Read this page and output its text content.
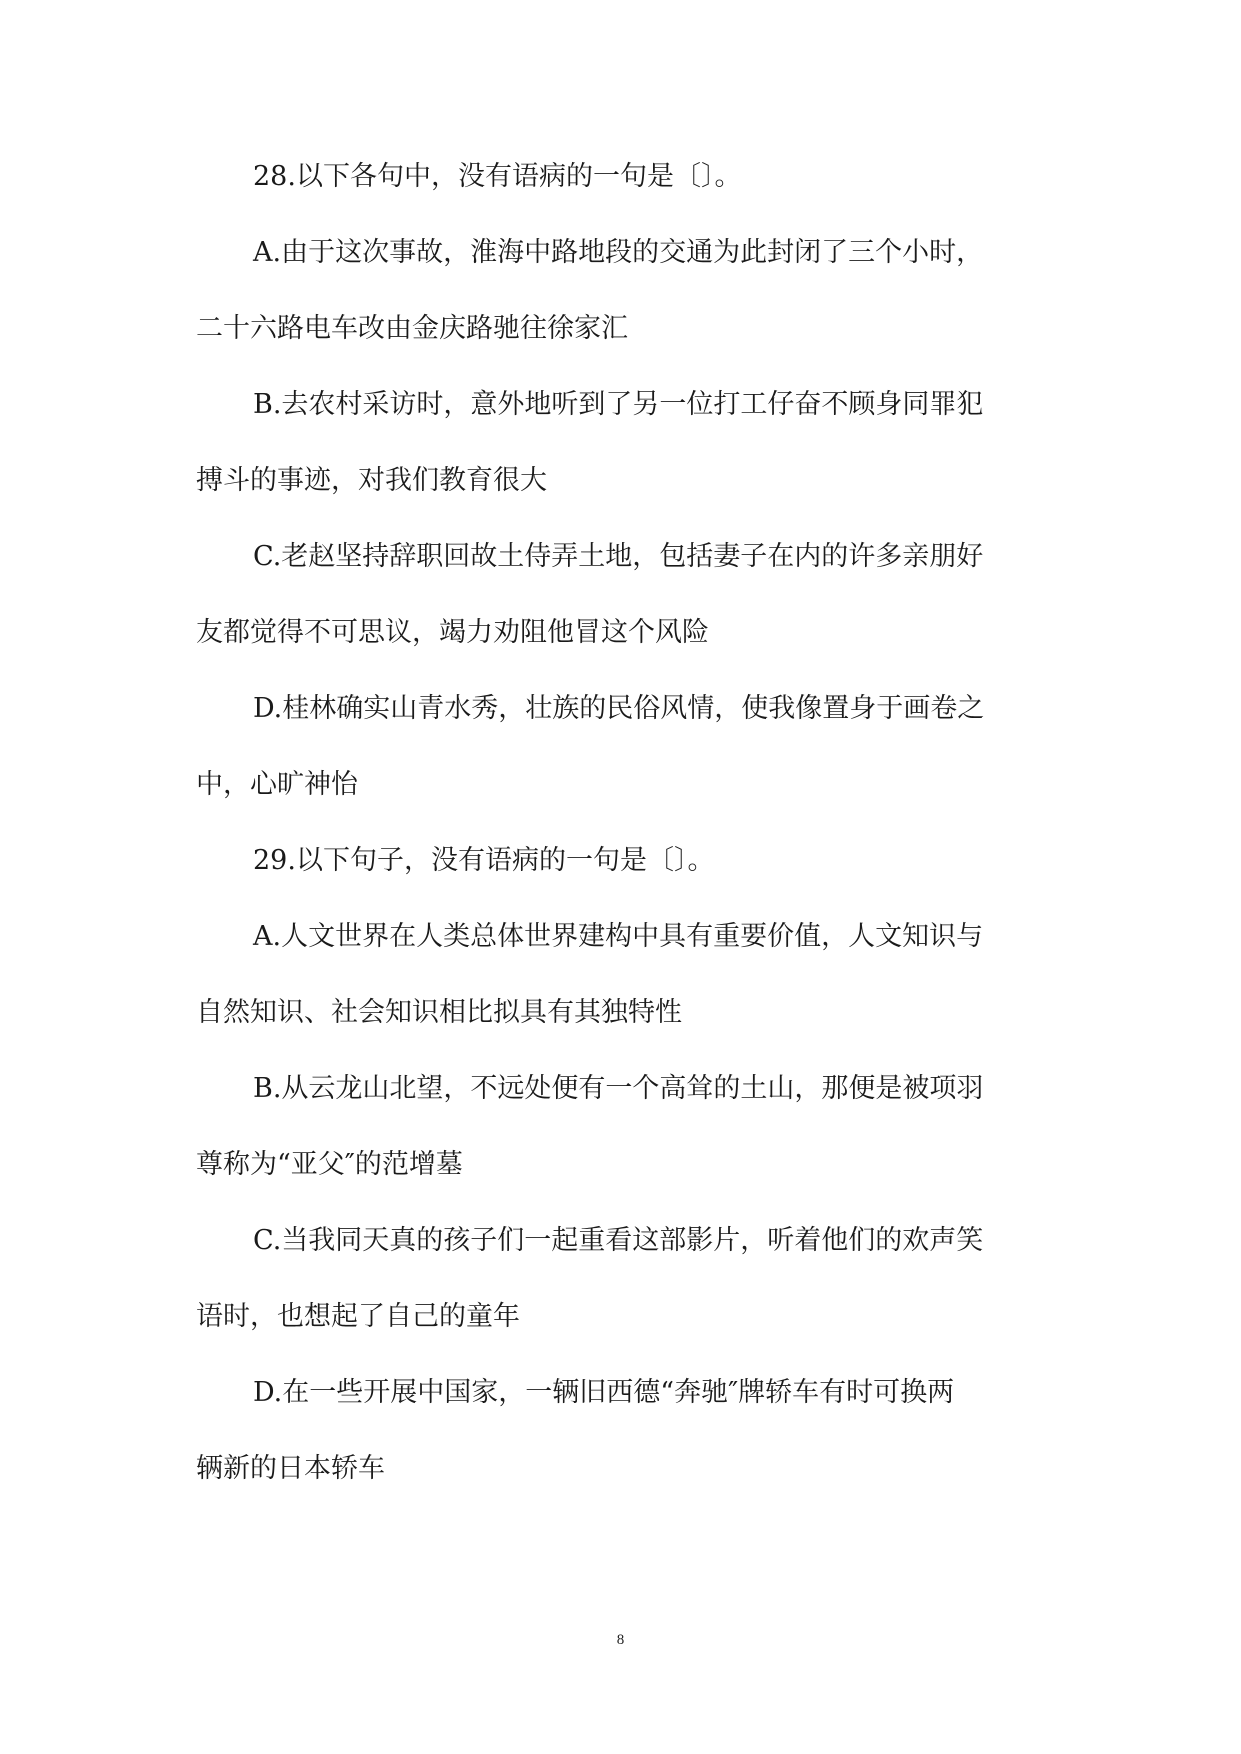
28.以下各句中，没有语病的一句是〔〕。
A.由于这次事故，淮海中路地段的交通为此封闭了三个小时，
二十六路电车改由金庆路驰往徐家汇
B.去农村采访时，意外地听到了另一位打工仔奋不顾身同罪犯
搏斗的事迹，对我们教育很大
C.老赵坚持辞职回故土侍弄土地，包括妻子在内的许多亲朋好
友都觉得不可思议，竭力劝阻他冒这个风险
D.桂林确实山青水秀，壮族的民俗风情，使我像置身于画卷之
中，心旷神怡
29.以下句子，没有语病的一句是〔〕。
A.人文世界在人类总体世界建构中具有重要价值，人文知识与
自然知识、社会知识相比拟具有其独特性
B.从云龙山北望，不远处便有一个高耸的土山，那便是被项羽
尊称为“亚父″的范增墓
C.当我同天真的孩子们一起重看这部影片，听着他们的欢声笑
语时，也想起了自己的童年
D.在一些开展中国家，一辆旧西德“奔驰″牌轿车有时可换两
辆新的日本轿车
8
